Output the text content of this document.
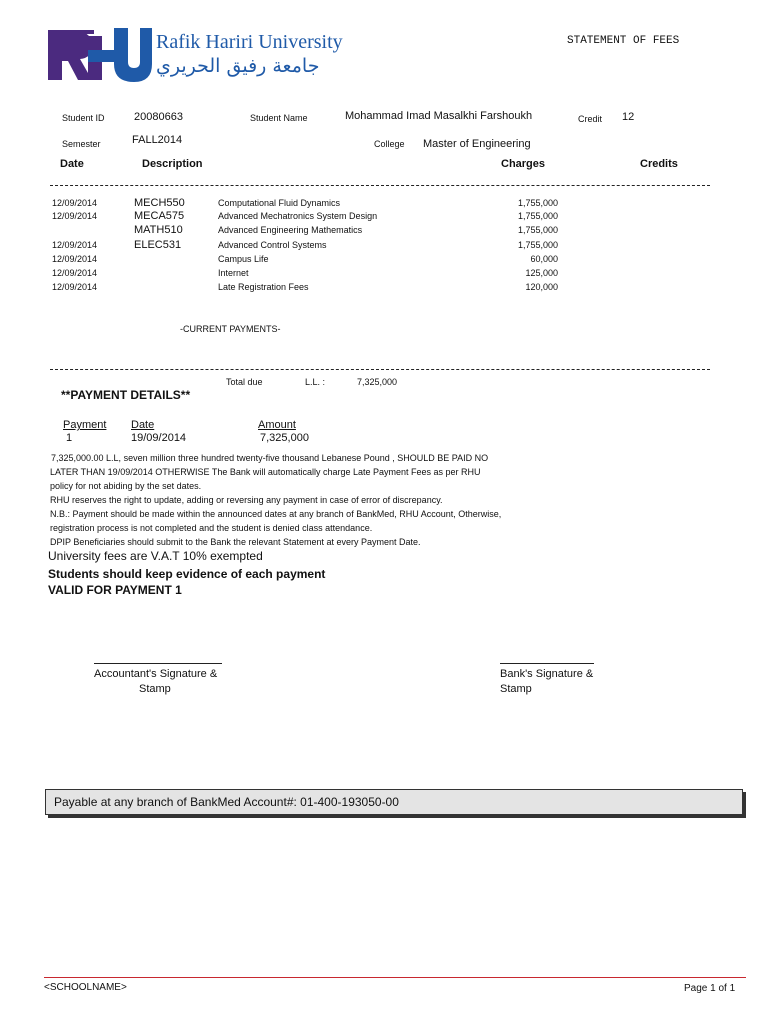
Rafik Hariri University
جامعة رفيق الحريري
STATEMENT OF FEES
Student ID	20080663	Student Name	Mohammad Imad Masalkhi Farshoukh	Credit 12
Semester	FALL2014	College Master of Engineering
Date	Description	Charges	Credits
12/09/2014	MECH550	Computational Fluid Dynamics	1,755,000
12/09/2014	MECA575	Advanced Mechatronics System Design	1,755,000
MATH510	Advanced Engineering Mathematics	1,755,000
12/09/2014	ELEC531	Advanced Control Systems	1,755,000
12/09/2014	Campus Life	60,000
12/09/2014	Internet	125,000
12/09/2014	Late Registration Fees	120,000
-CURRENT PAYMENTS-
Total due	L.L. :	7,325,000
**PAYMENT DETAILS**
Payment Date	Amount
1	19/09/2014	7,325,000
7,325,000.00 L.L, seven million three hundred twenty-five thousand Lebanese Pound , SHOULD BE PAID NO
LATER THAN 19/09/2014 OTHERWISE The Bank will automatically charge Late Payment Fees as per RHU
policy for not abiding by the set dates.
RHU reserves the right to update, adding or reversing any payment in case of error of discrepancy.
N.B.: Payment should be made within the announced dates at any branch of BankMed, RHU Account, Otherwise,
registration process is not completed and the student is denied class attendance.
DPIP Beneficiaries should submit to the Bank the relevant Statement at every Payment Date.
University fees are V.A.T 10% exempted
Students should keep evidence of each payment
VALID FOR PAYMENT 1
Accountant's Signature &
Stamp
Bank's Signature &
Stamp
Payable at any branch of BankMed Account#: 01-400-193050-00
<SCHOOLNAME>	Page 1 of 1
